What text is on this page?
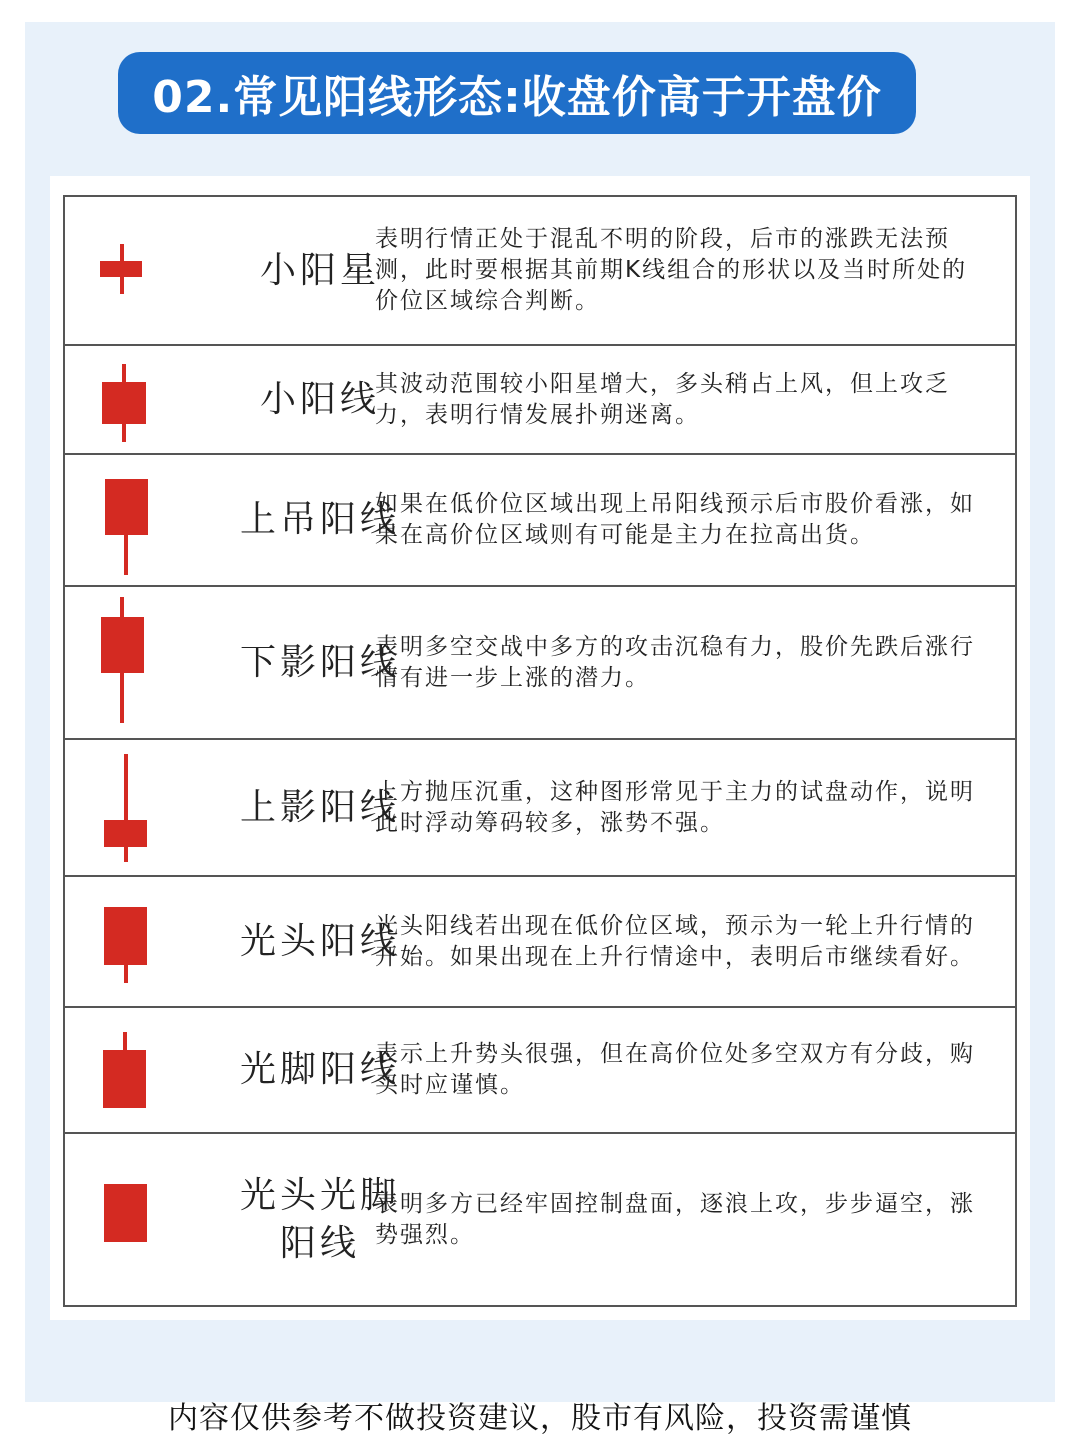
02.常见阳线形态:收盘价高于开盘价
小阳星
表明行情正处于混乱不明的阶段，后市的涨跌无法预测，此时要根据其前期K线组合的形状以及当时所处的价位区域综合判断。
小阳线
其波动范围较小阳星增大，多头稍占上风，但上攻乏力，表明行情发展扑朔迷离。
上吊阳线
如果在低价位区域出现上吊阳线预示后市股价看涨，如果在高价位区域则有可能是主力在拉高出货。
下影阳线
表明多空交战中多方的攻击沉稳有力，股价先跌后涨行情有进一步上涨的潜力。
上影阳线
上方抛压沉重，这种图形常见于主力的试盘动作，说明此时浮动筹码较多，涨势不强。
光头阳线
光头阳线若出现在低价位区域，预示为一轮上升行情的开始。如果出现在上升行情途中，表明后市继续看好。
光脚阳线
表示上升势头很强，但在高价位处多空双方有分歧，购买时应谨慎。
光头光脚阳线
表明多方已经牢固控制盘面，逐浪上攻，步步逼空，涨势强烈。
内容仅供参考不做投资建议，股市有风险，投资需谨慎
